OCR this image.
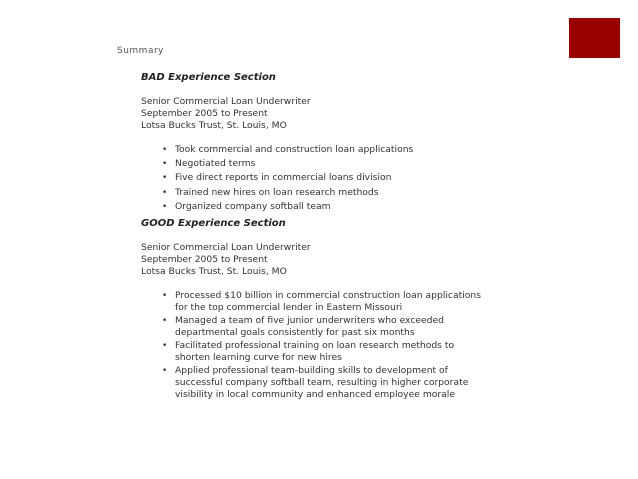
Summary

BAD Experience Section

Senior Commercial Loan Underwriter
September 2005 to Present
Lotsa Bucks Trust, St. Louis, MO
• Took commercial and construction loan applications
• Negotiated terms
• Five direct reports in commercial loans division
• Trained new hires on loan research methods
• Organized company softball team

GOOD Experience Section

Senior Commercial Loan Underwriter
September 2005 to Present
Lotsa Bucks Trust, St. Louis, MO
• Processed $10 billion in commercial construction loan applications
for the top commercial lender in Eastern Missouri
• Managed a team of five junior underwriters who exceeded
departmental goals consistently for past six months
• Facilitated professional training on loan research methods to
shorten learning curve for new hires
• Applied professional team-building skills to development of
successful company softball team, resulting in higher corporate
visibility in local community and enhanced employee morale
